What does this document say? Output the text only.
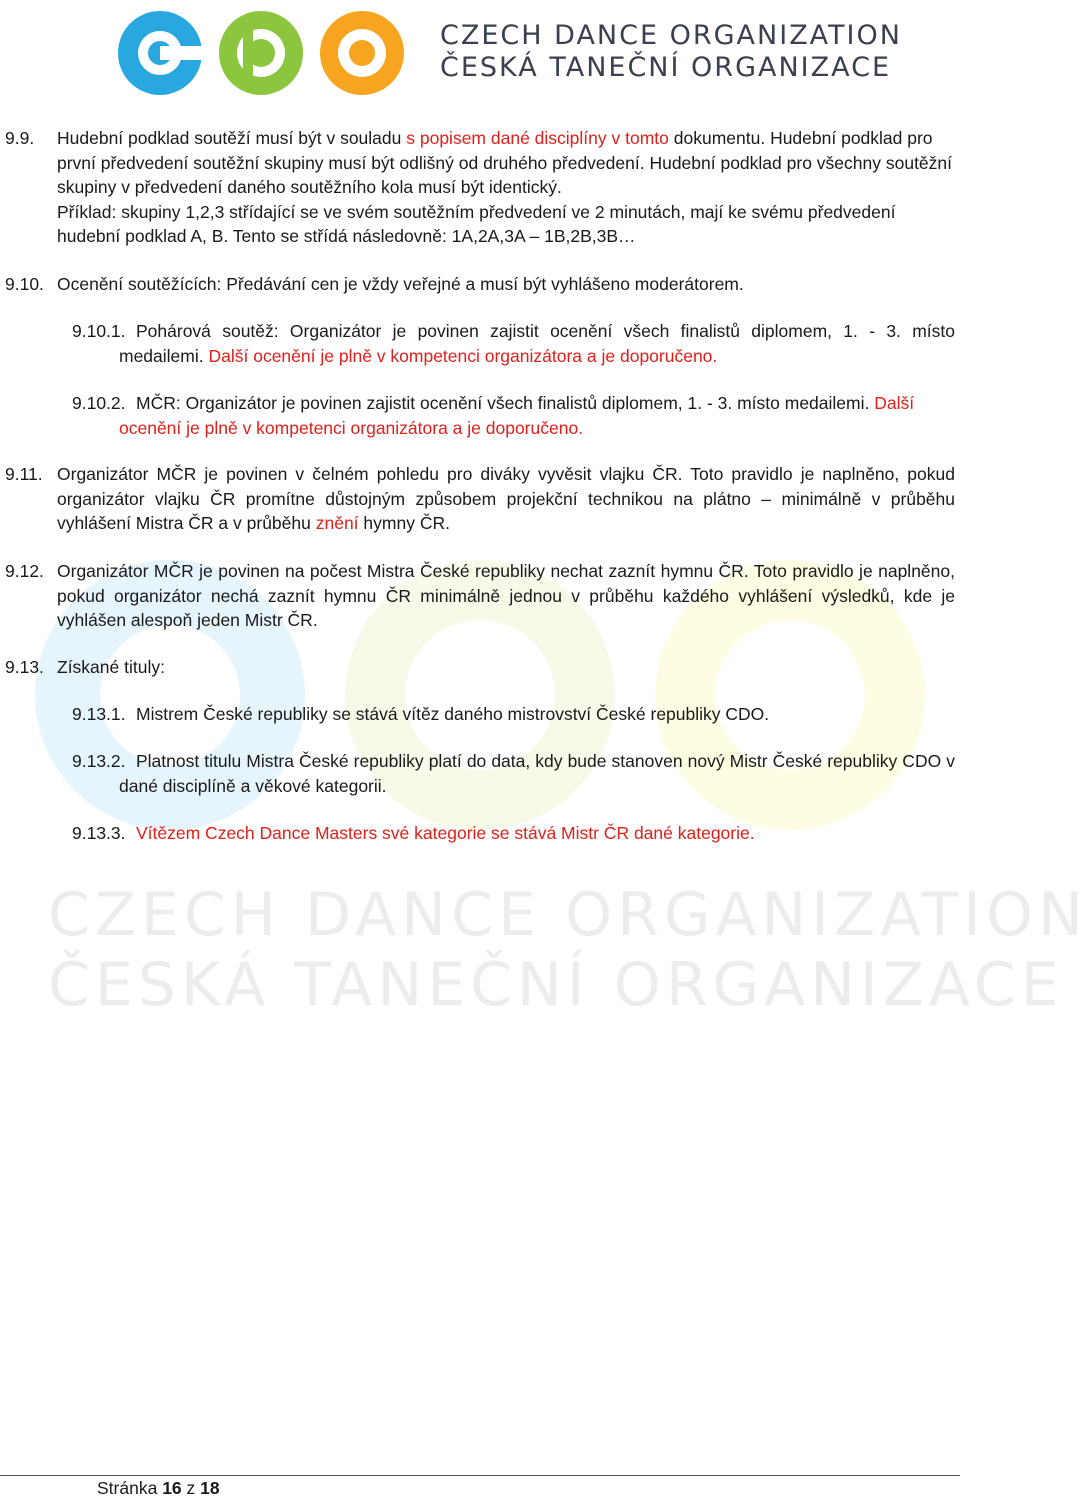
CZECH DANCE ORGANIZATION
ČESKÁ TANEČNÍ ORGANIZACE
CZECH DANCE ORGANIZATION
ČESKÁ TANEČNÍ ORGANIZACE
9.9. Hudební podklad soutěží musí být v souladu s popisem dané disciplíny v tomto dokumentu. Hudební podklad pro první předvedení soutěžní skupiny musí být odlišný od druhého předvedení. Hudební podklad pro všechny soutěžní skupiny v předvedení daného soutěžního kola musí být identický.
Příklad: skupiny 1,2,3 střídající se ve svém soutěžním předvedení ve 2 minutách, mají ke svému předvedení hudební podklad A, B. Tento se střídá následovně: 1A,2A,3A – 1B,2B,3B…
9.10. Ocenění soutěžících: Předávání cen je vždy veřejné a musí být vyhlášeno moderátorem.
9.10.1. Pohárová soutěž: Organizátor je povinen zajistit ocenění všech finalistů diplomem, 1. - 3. místo medailemi. Další ocenění je plně v kompetenci organizátora a je doporučeno.
9.10.2. MČR: Organizátor je povinen zajistit ocenění všech finalistů diplomem, 1. - 3. místo medailemi. Další ocenění je plně v kompetenci organizátora a je doporučeno.
9.11. Organizátor MČR je povinen v čelném pohledu pro diváky vyvěsit vlajku ČR. Toto pravidlo je naplněno, pokud organizátor vlajku ČR promítne důstojným způsobem projekční technikou na plátno – minimálně v průběhu vyhlášení Mistra ČR a v průběhu znění hymny ČR.
9.12. Organizátor MČR je povinen na počest Mistra České republiky nechat zaznít hymnu ČR. Toto pravidlo je naplněno, pokud organizátor nechá zaznít hymnu ČR minimálně jednou v průběhu každého vyhlášení výsledků, kde je vyhlášen alespoň jeden Mistr ČR.
9.13. Získané tituly:
9.13.1. Mistrem České republiky se stává vítěz daného mistrovství České republiky CDO.
9.13.2. Platnost titulu Mistra České republiky platí do data, kdy bude stanoven nový Mistr České republiky CDO v dané disciplíně a věkové kategorii.
9.13.3. Vítězem Czech Dance Masters své kategorie se stává Mistr ČR dané kategorie.
Stránka 16 z 18
